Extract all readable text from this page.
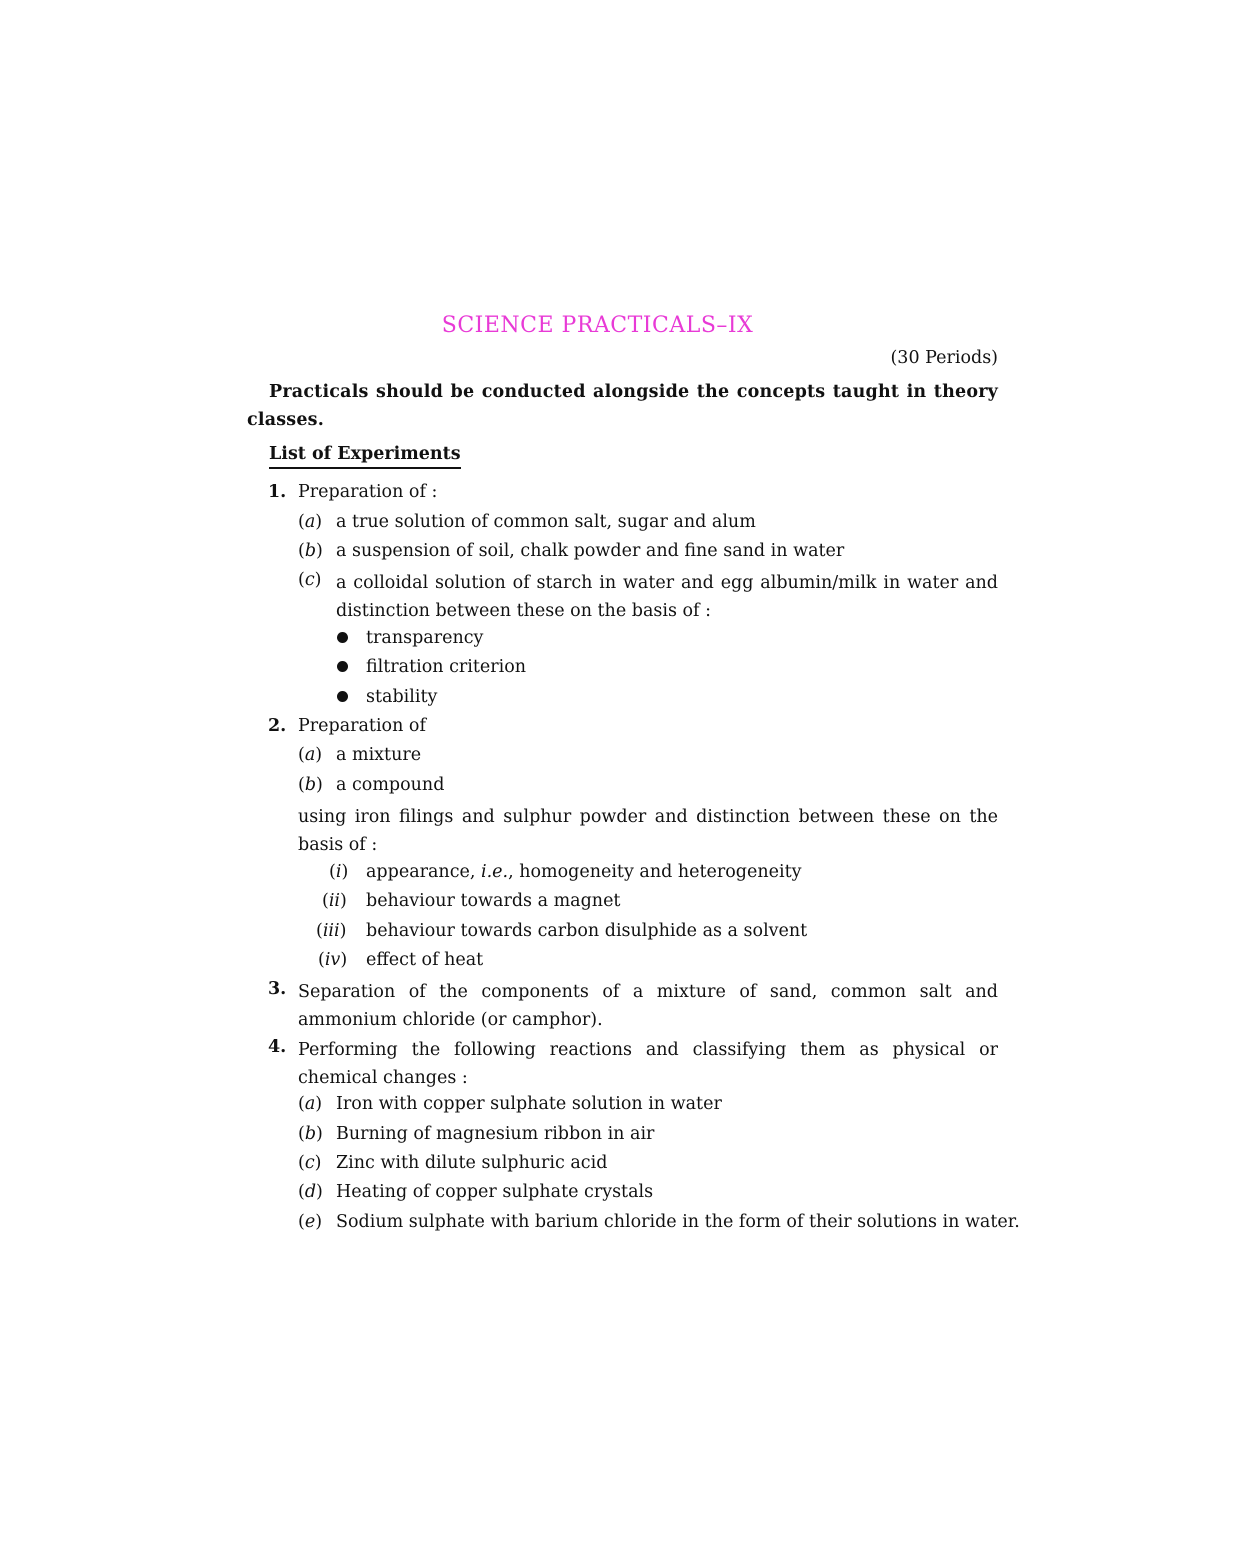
SCIENCE PRACTICALS–IX
(30 Periods)
Practicals should be conducted alongside the concepts taught in theory classes.
List of Experiments
1. Preparation of :
(a) a true solution of common salt, sugar and alum
(b) a suspension of soil, chalk powder and fine sand in water
(c) a colloidal solution of starch in water and egg albumin/milk in water and distinction between these on the basis of :
transparency
filtration criterion
stability
2. Preparation of
(a) a mixture
(b) a compound
using iron filings and sulphur powder and distinction between these on the basis of :
(i) appearance, i.e., homogeneity and heterogeneity
(ii) behaviour towards a magnet
(iii) behaviour towards carbon disulphide as a solvent
(iv) effect of heat
3. Separation of the components of a mixture of sand, common salt and ammonium chloride (or camphor).
4. Performing the following reactions and classifying them as physical or chemical changes :
(a) Iron with copper sulphate solution in water
(b) Burning of magnesium ribbon in air
(c) Zinc with dilute sulphuric acid
(d) Heating of copper sulphate crystals
(e) Sodium sulphate with barium chloride in the form of their solutions in water.
